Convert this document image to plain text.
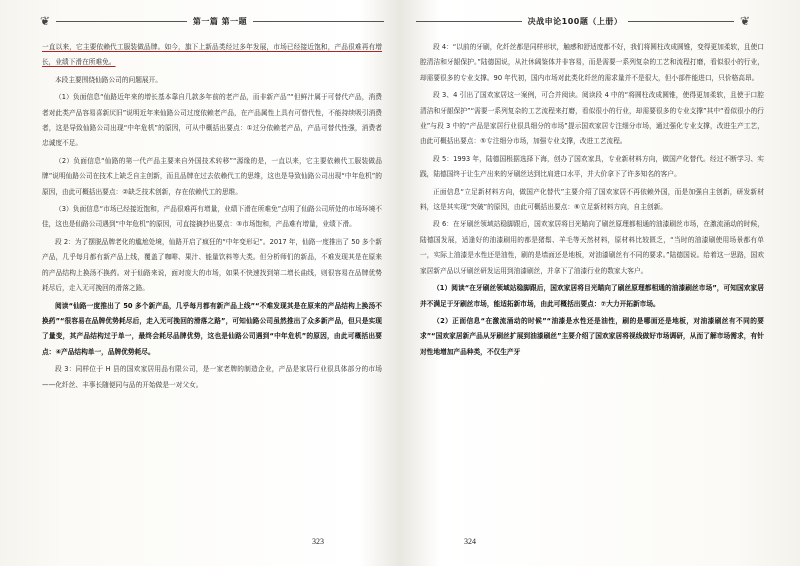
❦	第一篇 第一题	决战申论100题（上册）	❦

一直以来，它主要依赖代工服装做品牌。如今，旗下上新品类经过多年发展，市场已经接近饱和，产品很难再有增长，业绩下滑在所难免。

本段主要围绕仙路公司的问题展开。

（1）负面信息“仙路近年来的增长基本靠自几款多年前的老产品，而非新产品”“但鲜汁属于可替代产品，消费者对此类产品容易喜新厌旧”说明近年来仙路公司过度依赖老产品，在产品属性上具有可替代性，不能持续吸引消费者，这是导致仙路公司出现“中年危机”的原因，可从中概括出要点：①过分依赖老产品，产品可替代性强，消费者忠诚度不足。

（2）负面信息“仙路的第一代产品主要来自外国技术转移”“源缘的是，一直以来，它主要依赖代工服装做品牌”说明仙路公司在技术上缺乏自主创新，而且品牌在过去依赖代工的思维，这也是导致仙路公司出现“中年危机”的原因，由此可概括出要点：②缺乏技术创新，存在依赖代工的思维。

（3）负面信息“市场已经接近饱和，产品很难再有增量，业绩下滑在所难免”点明了仙路公司所处的市场环境不佳，这也是仙路公司遇到“中年危机”的原因，可直接摘抄出要点：③市场饱和，产品难有增量，业绩下滑。

段 2：为了摆脱品牌老化的尴尬处境，仙路开启了疯狂的“中年变形记”。2017 年，仙路一度推出了 50 多个新产品，几乎每月都有新产品上线，覆盖了咖啡、果汁、能量饮料等大类。但分析师们的新品，不难发现其是在原来的产品结构上换汤不换药。对于仙路来说，面对庞大的市场，如果不快速找到第二增长曲线，则很容易在品牌优势耗尽后，走入无可挽回的滑落之路。

阅读“仙路一度推出了 50 多个新产品，几乎每月都有新产品上线”“不难发现其是在原来的产品结构上换汤不换药”“很容易在品牌优势耗尽后，走入无可挽回的滑落之路”，可知仙路公司虽然推出了众多新产品，但只是实现了量变，其产品结构过于单一，最终会耗尽品牌优势，这也是仙路公司遇到“中年危机”的原因，由此可概括出要点：④产品结构单一，品牌优势耗尽。

段 3：同样位于 H 县的国欢家居用品有限公司，是一家老牌的制造企业，产品是家居行业很具体部分的市场——化纤丝、丰事长随便同与品的开始做是一对父女。

323

段 4：“以前的牙刷，化纤丝都是同样形状，触感和舒适度都不好，我们将圆柱改成圆锥，变得更加柔软，且使口腔清洁和牙龈保护。”陆德国说，从社休阔鉴体并非容易，而是需要一系列复杂的工艺和流程打磨，看似很小的行业，却需要很多的专业支撑。90 年代初，国内市场对此类化纤丝的需求量并不是很大，但小部件能进口，只价格高昂。

段 3、4 引出了国欢家居这一案例，可合并阅读。阅读段 4 中的“将圆柱改成圆锥，使得更加柔软，且使于口腔清洁和牙龈保护”“需要一系列复杂的工艺流程来打磨，看似很小的行业，却需要很多的专业支撑”其中“看似很小的行业”与段 3 中的“产品是家居行业很具细分的市场”提示国欢家居专注细分市场，通过强化专业支撑，改进生产工艺，由此可概括出要点：⑤专注细分市场，加强专业支撑，改进工艺流程。

段 5：1993 年，陆德国根据选择下海，创办了国欢家具，专业新材料方向，做国产化替代。经过不断学习、实践，陆德国终于让生产出来的牙刷丝达到比肩进口水平，并大价拿下了许多知名的客户。

正面信息“立足新材料方向，做国产化替代”主要介绍了国欢家居不再依赖外国，而是加强自主创新，研发新材料，这是其实现“突破”的原因，由此可概括出要点：⑥立足新材料方向，自主创新。

段 6：在牙刷丝领域站稳脚跟后，国欢家居将目光瞄向了刷丝原理都相通的油漆刷丝市场，在激流涌动的时候，陆德国发展，适逢好的油漆刷用的都是猪鬃、羊毛等天然材料，原材料比较匮乏，“当时的油漆刷使用场景都有单一，实际上油漆是水性还是油性，刷的是墙面还是地板，对油漆刷丝有不同的要求。”陆德国说。给着这一思路，国欢家居新产品以牙刷丝研发运用到油漆刷丝，并拿下了油漆行业的数家大客户。

（1）阅读“在牙刷丝领域站稳脚跟后，国欢家居将目光瞄向了刷丝原理都相通的油漆刷丝市场”，可知国欢家居并不满足于牙刷丝市场，能适拓新市场，由此可概括出要点：⑦大力开拓新市场。

（2）正面信息“在激流涌动的时候”“油漆是水性还是油性，刷的是哪面还是地板，对油漆刷丝有不同的要求”“国欢家居新产品从牙刷丝扩展到油漆刷丝”主要介绍了国欢家居将视线做好市场调研，从而了解市场需求，有针对性地增加产品种类，不仅生产牙

324
